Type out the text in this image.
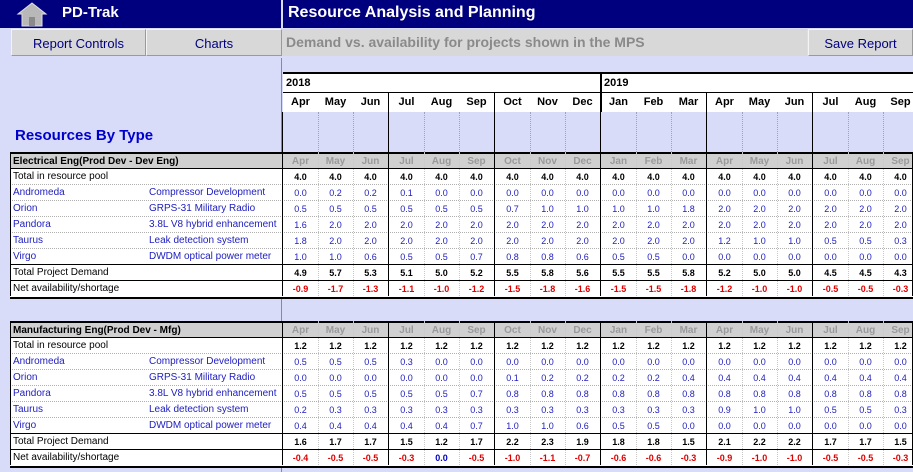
PD-Trak	Resource Analysis and Planning
Report Controls	Charts	Demand vs. availability for projects shown in the MPS	Save Report
Resources By Type
2018	2019
Apr	May	Jun	Jul	Aug	Sep	Oct	Nov	Dec	Jan	Feb	Mar	Apr	May	Jun	Jul	Aug	Sep
Electrical Eng(Prod Dev - Dev Eng)	Apr	May	Jun	Jul	Aug	Sep	Oct	Nov	Dec	Jan	Feb	Mar	Apr	May	Jun	Jul	Aug	Sep
Total in resource pool	4.0	4.0	4.0	4.0	4.0	4.0	4.0	4.0	4.0	4.0	4.0	4.0	4.0	4.0	4.0	4.0	4.0	4.0
Andromeda	Compressor Development	0.0	0.2	0.2	0.1	0.0	0.0	0.0	0.0	0.0	0.0	0.0	0.0	0.0	0.0	0.0	0.0	0.0	0.0
Orion	GRPS-31 Military Radio	0.5	0.5	0.5	0.5	0.5	0.5	0.7	1.0	1.0	1.0	1.0	1.8	2.0	2.0	2.0	2.0	2.0	2.0
Pandora	3.8L V8 hybrid enhancement	1.6	2.0	2.0	2.0	2.0	2.0	2.0	2.0	2.0	2.0	2.0	2.0	2.0	2.0	2.0	2.0	2.0	2.0
Taurus	Leak detection system	1.8	2.0	2.0	2.0	2.0	2.0	2.0	2.0	2.0	2.0	2.0	2.0	1.2	1.0	1.0	0.5	0.5	0.3
Virgo	DWDM optical power meter	1.0	1.0	0.6	0.5	0.5	0.7	0.8	0.8	0.6	0.5	0.5	0.0	0.0	0.0	0.0	0.0	0.0	0.0
Total Project Demand	4.9	5.7	5.3	5.1	5.0	5.2	5.5	5.8	5.6	5.5	5.5	5.8	5.2	5.0	5.0	4.5	4.5	4.3
Net availability/shortage	-0.9	-1.7	-1.3	-1.1	-1.0	-1.2	-1.5	-1.8	-1.6	-1.5	-1.5	-1.8	-1.2	-1.0	-1.0	-0.5	-0.5	-0.3
Manufacturing Eng(Prod Dev - Mfg)	Apr	May	Jun	Jul	Aug	Sep	Oct	Nov	Dec	Jan	Feb	Mar	Apr	May	Jun	Jul	Aug	Sep
Total in resource pool	1.2	1.2	1.2	1.2	1.2	1.2	1.2	1.2	1.2	1.2	1.2	1.2	1.2	1.2	1.2	1.2	1.2	1.2
Andromeda	Compressor Development	0.5	0.5	0.5	0.3	0.0	0.0	0.0	0.0	0.0	0.0	0.0	0.0	0.0	0.0	0.0	0.0	0.0	0.0
Orion	GRPS-31 Military Radio	0.0	0.0	0.0	0.0	0.0	0.0	0.1	0.2	0.2	0.2	0.2	0.4	0.4	0.4	0.4	0.4	0.4	0.4
Pandora	3.8L V8 hybrid enhancement	0.5	0.5	0.5	0.5	0.5	0.7	0.8	0.8	0.8	0.8	0.8	0.8	0.8	0.8	0.8	0.8	0.8	0.8
Taurus	Leak detection system	0.2	0.3	0.3	0.3	0.3	0.3	0.3	0.3	0.3	0.3	0.3	0.3	0.9	1.0	1.0	0.5	0.5	0.3
Virgo	DWDM optical power meter	0.4	0.4	0.4	0.4	0.4	0.7	1.0	1.0	0.6	0.5	0.5	0.0	0.0	0.0	0.0	0.0	0.0	0.0
Total Project Demand	1.6	1.7	1.7	1.5	1.2	1.7	2.2	2.3	1.9	1.8	1.8	1.5	2.1	2.2	2.2	1.7	1.7	1.5
Net availability/shortage	-0.4	-0.5	-0.5	-0.3	0.0	-0.5	-1.0	-1.1	-0.7	-0.6	-0.6	-0.3	-0.9	-1.0	-1.0	-0.5	-0.5	-0.3
